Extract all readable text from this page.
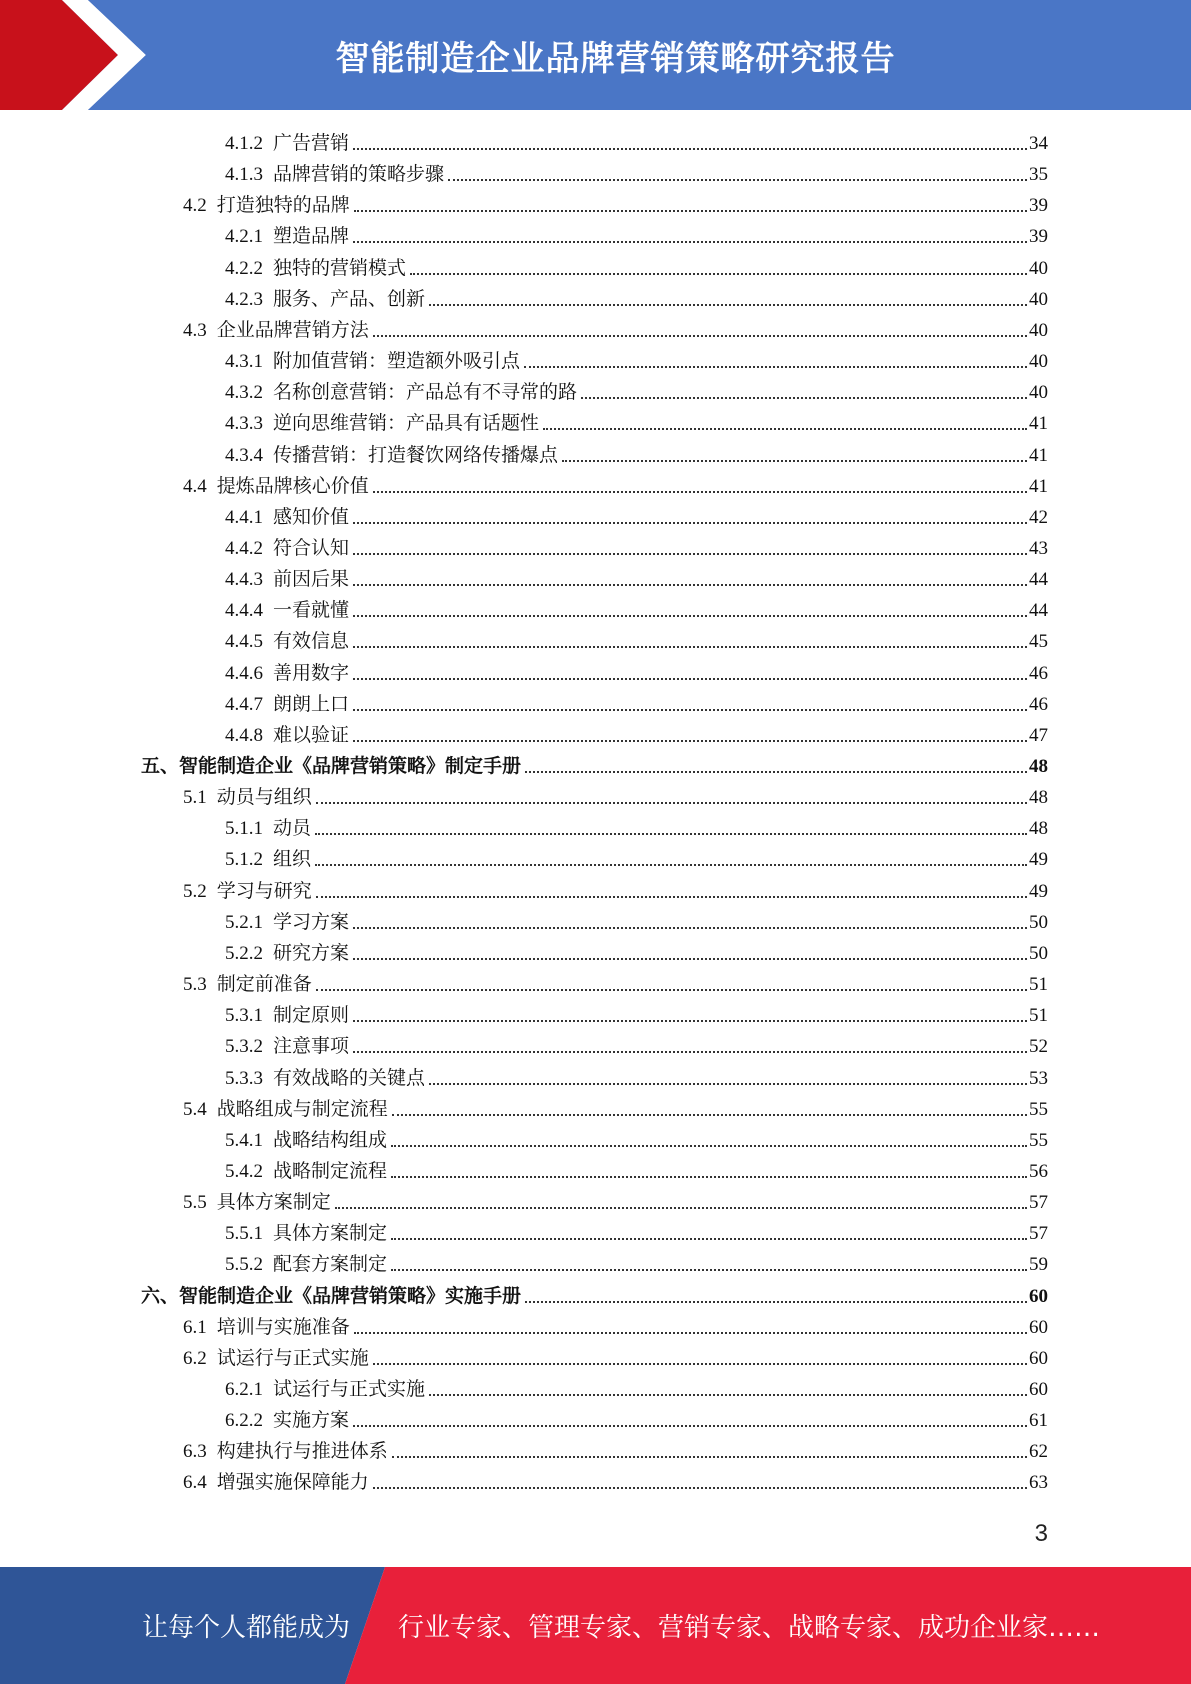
智能制造企业品牌营销策略研究报告
4.1.2 广告营销	34
4.1.3 品牌营销的策略步骤	35
4.2 打造独特的品牌	39
4.2.1 塑造品牌	39
4.2.2 独特的营销模式	40
4.2.3 服务、产品、创新	40
4.3 企业品牌营销方法	40
4.3.1 附加值营销：塑造额外吸引点	40
4.3.2 名称创意营销：产品总有不寻常的路	40
4.3.3 逆向思维营销：产品具有话题性	41
4.3.4 传播营销：打造餐饮网络传播爆点	41
4.4 提炼品牌核心价值	41
4.4.1 感知价值	42
4.4.2 符合认知	43
4.4.3 前因后果	44
4.4.4 一看就懂	44
4.4.5 有效信息	45
4.4.6 善用数字	46
4.4.7 朗朗上口	46
4.4.8 难以验证	47
五、智能制造企业《品牌营销策略》制定手册	48
5.1 动员与组织	48
5.1.1 动员	48
5.1.2 组织	49
5.2 学习与研究	49
5.2.1 学习方案	50
5.2.2 研究方案	50
5.3 制定前准备	51
5.3.1 制定原则	51
5.3.2 注意事项	52
5.3.3 有效战略的关键点	53
5.4 战略组成与制定流程	55
5.4.1 战略结构组成	55
5.4.2 战略制定流程	56
5.5 具体方案制定	57
5.5.1 具体方案制定	57
5.5.2 配套方案制定	59
六、智能制造企业《品牌营销策略》实施手册	60
6.1 培训与实施准备	60
6.2 试运行与正式实施	60
6.2.1 试运行与正式实施	60
6.2.2 实施方案	61
6.3 构建执行与推进体系	62
6.4 增强实施保障能力	63
3
让每个人都能成为 行业专家、管理专家、营销专家、战略专家、成功企业家……
